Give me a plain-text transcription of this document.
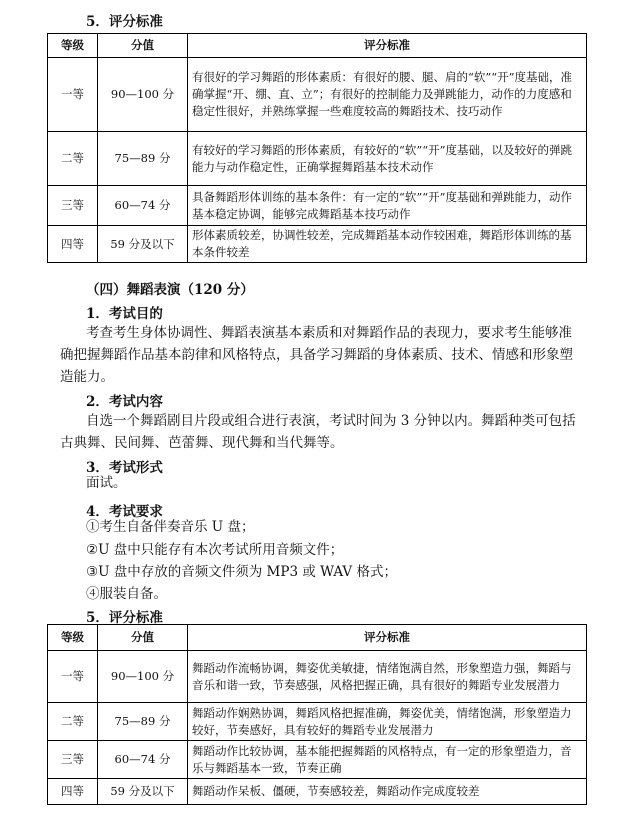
5．评分标准
等级	分值	评分标准
一等	90—100 分	有很好的学习舞蹈的形体素质：有很好的腰、腿、肩的“软”“开”度基础，准确掌握“开、绷、直、立”；有很好的控制能力及弹跳能力，动作的力度感和稳定性很好，并熟练掌握一些难度较高的舞蹈技术、技巧动作
二等	75—89 分	有较好的学习舞蹈的形体素质，有较好的“软”“开”度基础，以及较好的弹跳能力与动作稳定性，正确掌握舞蹈基本技术动作
三等	60—74 分	具备舞蹈形体训练的基本条件：有一定的“软”“开”度基础和弹跳能力，动作基本稳定协调，能够完成舞蹈基本技巧动作
四等	59 分及以下	形体素质较差，协调性较差，完成舞蹈基本动作较困难，舞蹈形体训练的基本条件较差
（四）舞蹈表演（120 分）
1．考试目的
考查考生身体协调性、舞蹈表演基本素质和对舞蹈作品的表现力，要求考生能够准确把握舞蹈作品基本韵律和风格特点，具备学习舞蹈的身体素质、技术、情感和形象塑造能力。
2．考试内容
自选一个舞蹈剧目片段或组合进行表演，考试时间为 3 分钟以内。舞蹈种类可包括古典舞、民间舞、芭蕾舞、现代舞和当代舞等。
3．考试形式
面试。
4．考试要求
①考生自备伴奏音乐 U 盘；
②U 盘中只能存有本次考试所用音频文件；
③U 盘中存放的音频文件须为 MP3 或 WAV 格式；
④服装自备。
5．评分标准
等级	分值	评分标准
一等	90—100 分	舞蹈动作流畅协调，舞姿优美敏捷，情绪饱满自然，形象塑造力强，舞蹈与音乐和谐一致，节奏感强，风格把握正确，具有很好的舞蹈专业发展潜力
二等	75—89 分	舞蹈动作娴熟协调，舞蹈风格把握准确，舞姿优美，情绪饱满，形象塑造力较好，节奏感好，具有较好的舞蹈专业发展潜力
三等	60—74 分	舞蹈动作比较协调，基本能把握舞蹈的风格特点，有一定的形象塑造力，音乐与舞蹈基本一致，节奏正确
四等	59 分及以下	舞蹈动作呆板、僵硬，节奏感较差，舞蹈动作完成度较差
